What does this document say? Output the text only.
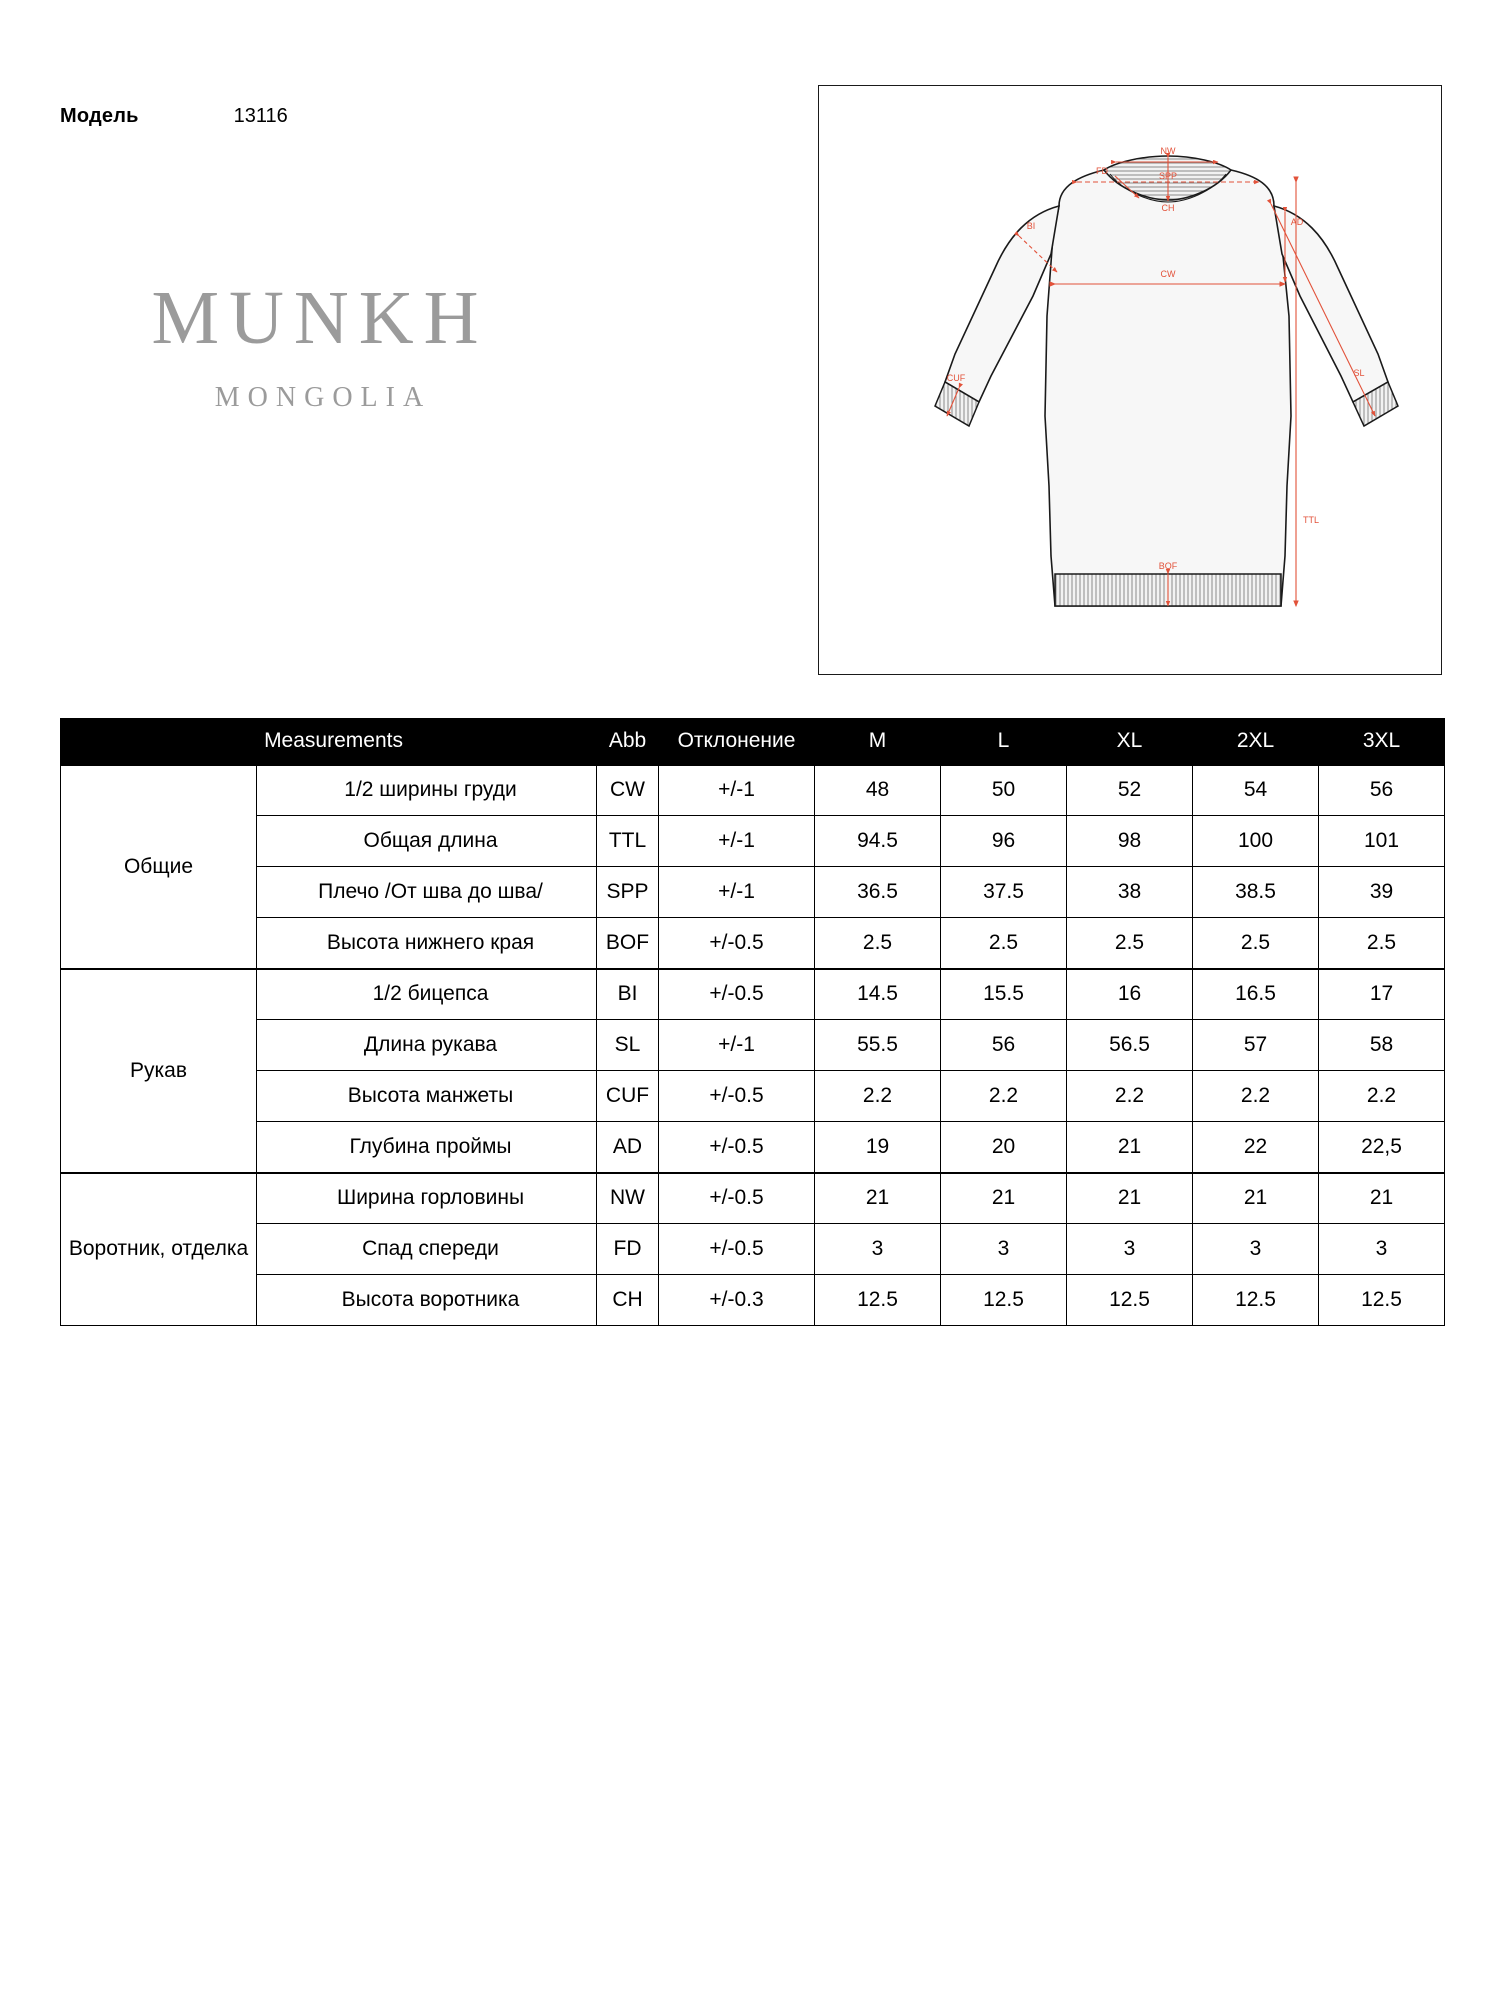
Модель	13116
MUNKH
MONGOLIA
NW
FD	SPP
CH
BI	AD
CW
SL
CUF
TTL
BOF
Measurements		Abb	Отклонение	M	L	XL	2XL	3XL
Общие	1/2 ширины груди	CW	+/-1	48	50	52	54	56
	Общая длина	TTL	+/-1	94.5	96	98	100	101
	Плечо /От шва до шва/	SPP	+/-1	36.5	37.5	38	38.5	39
	Высота нижнего края	BOF	+/-0.5	2.5	2.5	2.5	2.5	2.5
Рукав	1/2 бицепса	BI	+/-0.5	14.5	15.5	16	16.5	17
	Длина рукава	SL	+/-1	55.5	56	56.5	57	58
	Высота манжеты	CUF	+/-0.5	2.2	2.2	2.2	2.2	2.2
	Глубина проймы	AD	+/-0.5	19	20	21	22	22,5
Воротник, отделка	Ширина горловины	NW	+/-0.5	21	21	21	21	21
	Спад спереди	FD	+/-0.5	3	3	3	3	3
	Высота воротника	CH	+/-0.3	12.5	12.5	12.5	12.5	12.5
